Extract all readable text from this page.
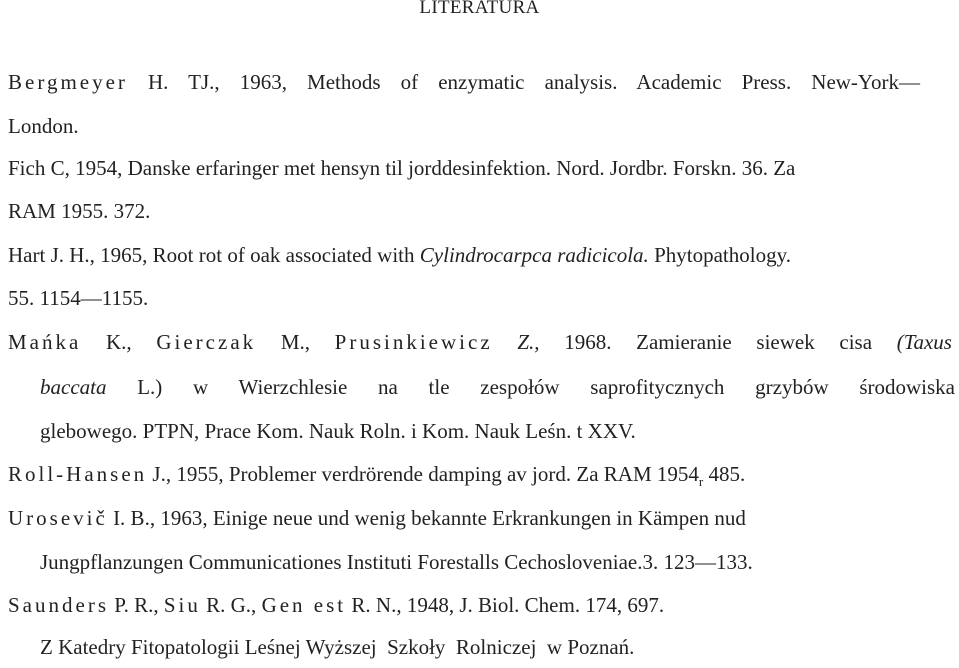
LITERATURA
Bergmeyer H. TJ., 1963, Methods of enzymatic analysis. Academic Press. New-York—
London.
Fich C, 1954, Danske erfaringer met hensyn til jorddesinfektion. Nord. Jordbr. Forskn. 36. Za
RAM 1955. 372.
Hart J. H., 1965, Root rot of oak associated with Cylindrocarpca radicicola. Phytopathology.
55. 1154—1155.
Mańka K., Gierczak M., Prusinkiewicz Z., 1968. Zamieranie siewek cisa (Taxus
baccata L.) w Wierzchlesie na tle zespołów saprofitycznych grzybów środowiska
glebowego. PTPN, Prace Kom. Nauk Roln. i Kom. Nauk Leśn. t XXV.
Roll-Hansen J., 1955, Problemer verdrörende damping av jord. Za RAM $1954_r$ 485.
Urosevič I. B., 1963, Einige neue und wenig bekannte Erkrankungen in Kämpen nud
Jungpflanzungen Communicationes Instituti Forestalls Cechosloveniae.3. 123—133.
Saunders P. R., Siu R. G., Gen est R. N., 1948, J. Biol. Chem. 174, 697.
Z Katedry Fitopatologii Leśnej Wyższej  Szkoły  Rolniczej  w Poznań.
